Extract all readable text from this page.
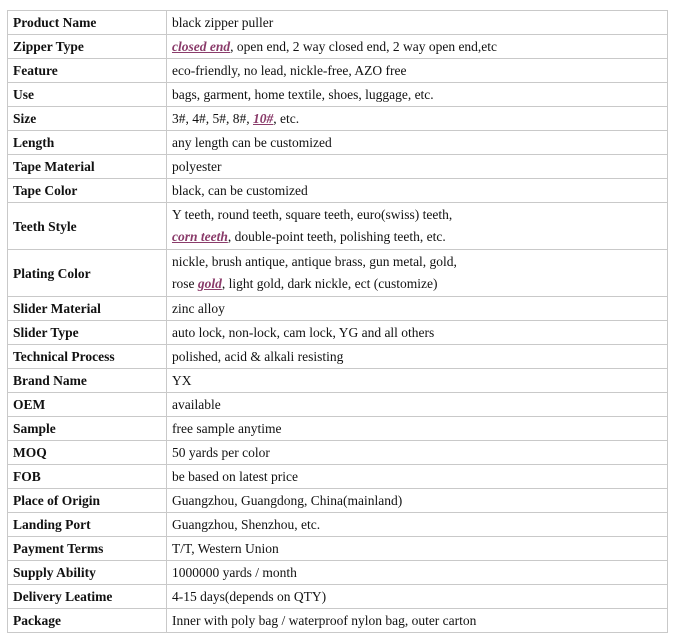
Product Name	black zipper puller
Zipper Type	closed end, open end, 2 way closed end, 2 way open end,etc
Feature	eco-friendly, no lead, nickle-free, AZO free
Use	bags, garment, home textile, shoes, luggage, etc.
Size	3#, 4#, 5#, 8#, 10#, etc.
Length	any length can be customized
Tape Material	polyester
Tape Color	black, can be customized
Teeth Style	Y teeth, round teeth, square teeth, euro(swiss) teeth,
corn teeth, double-point teeth, polishing teeth, etc.

Plating Color	nickle, brush antique, antique brass, gun metal, gold,
rose gold, light gold, dark nickle, ect (customize)

Slider Material	zinc alloy
Slider Type	auto lock, non-lock, cam lock, YG and all others
Technical Process	polished, acid & alkali resisting
Brand Name	YX
OEM	available
Sample	free sample anytime
MOQ	50 yards per color
FOB	be based on latest price
Place of Origin	Guangzhou, Guangdong, China(mainland)
Landing Port	Guangzhou, Shenzhou, etc.
Payment Terms	T/T, Western Union
Supply Ability	1000000 yards / month
Delivery Leatime	4-15 days(depends on QTY)
Package	Inner with poly bag / waterproof nylon bag, outer carton
